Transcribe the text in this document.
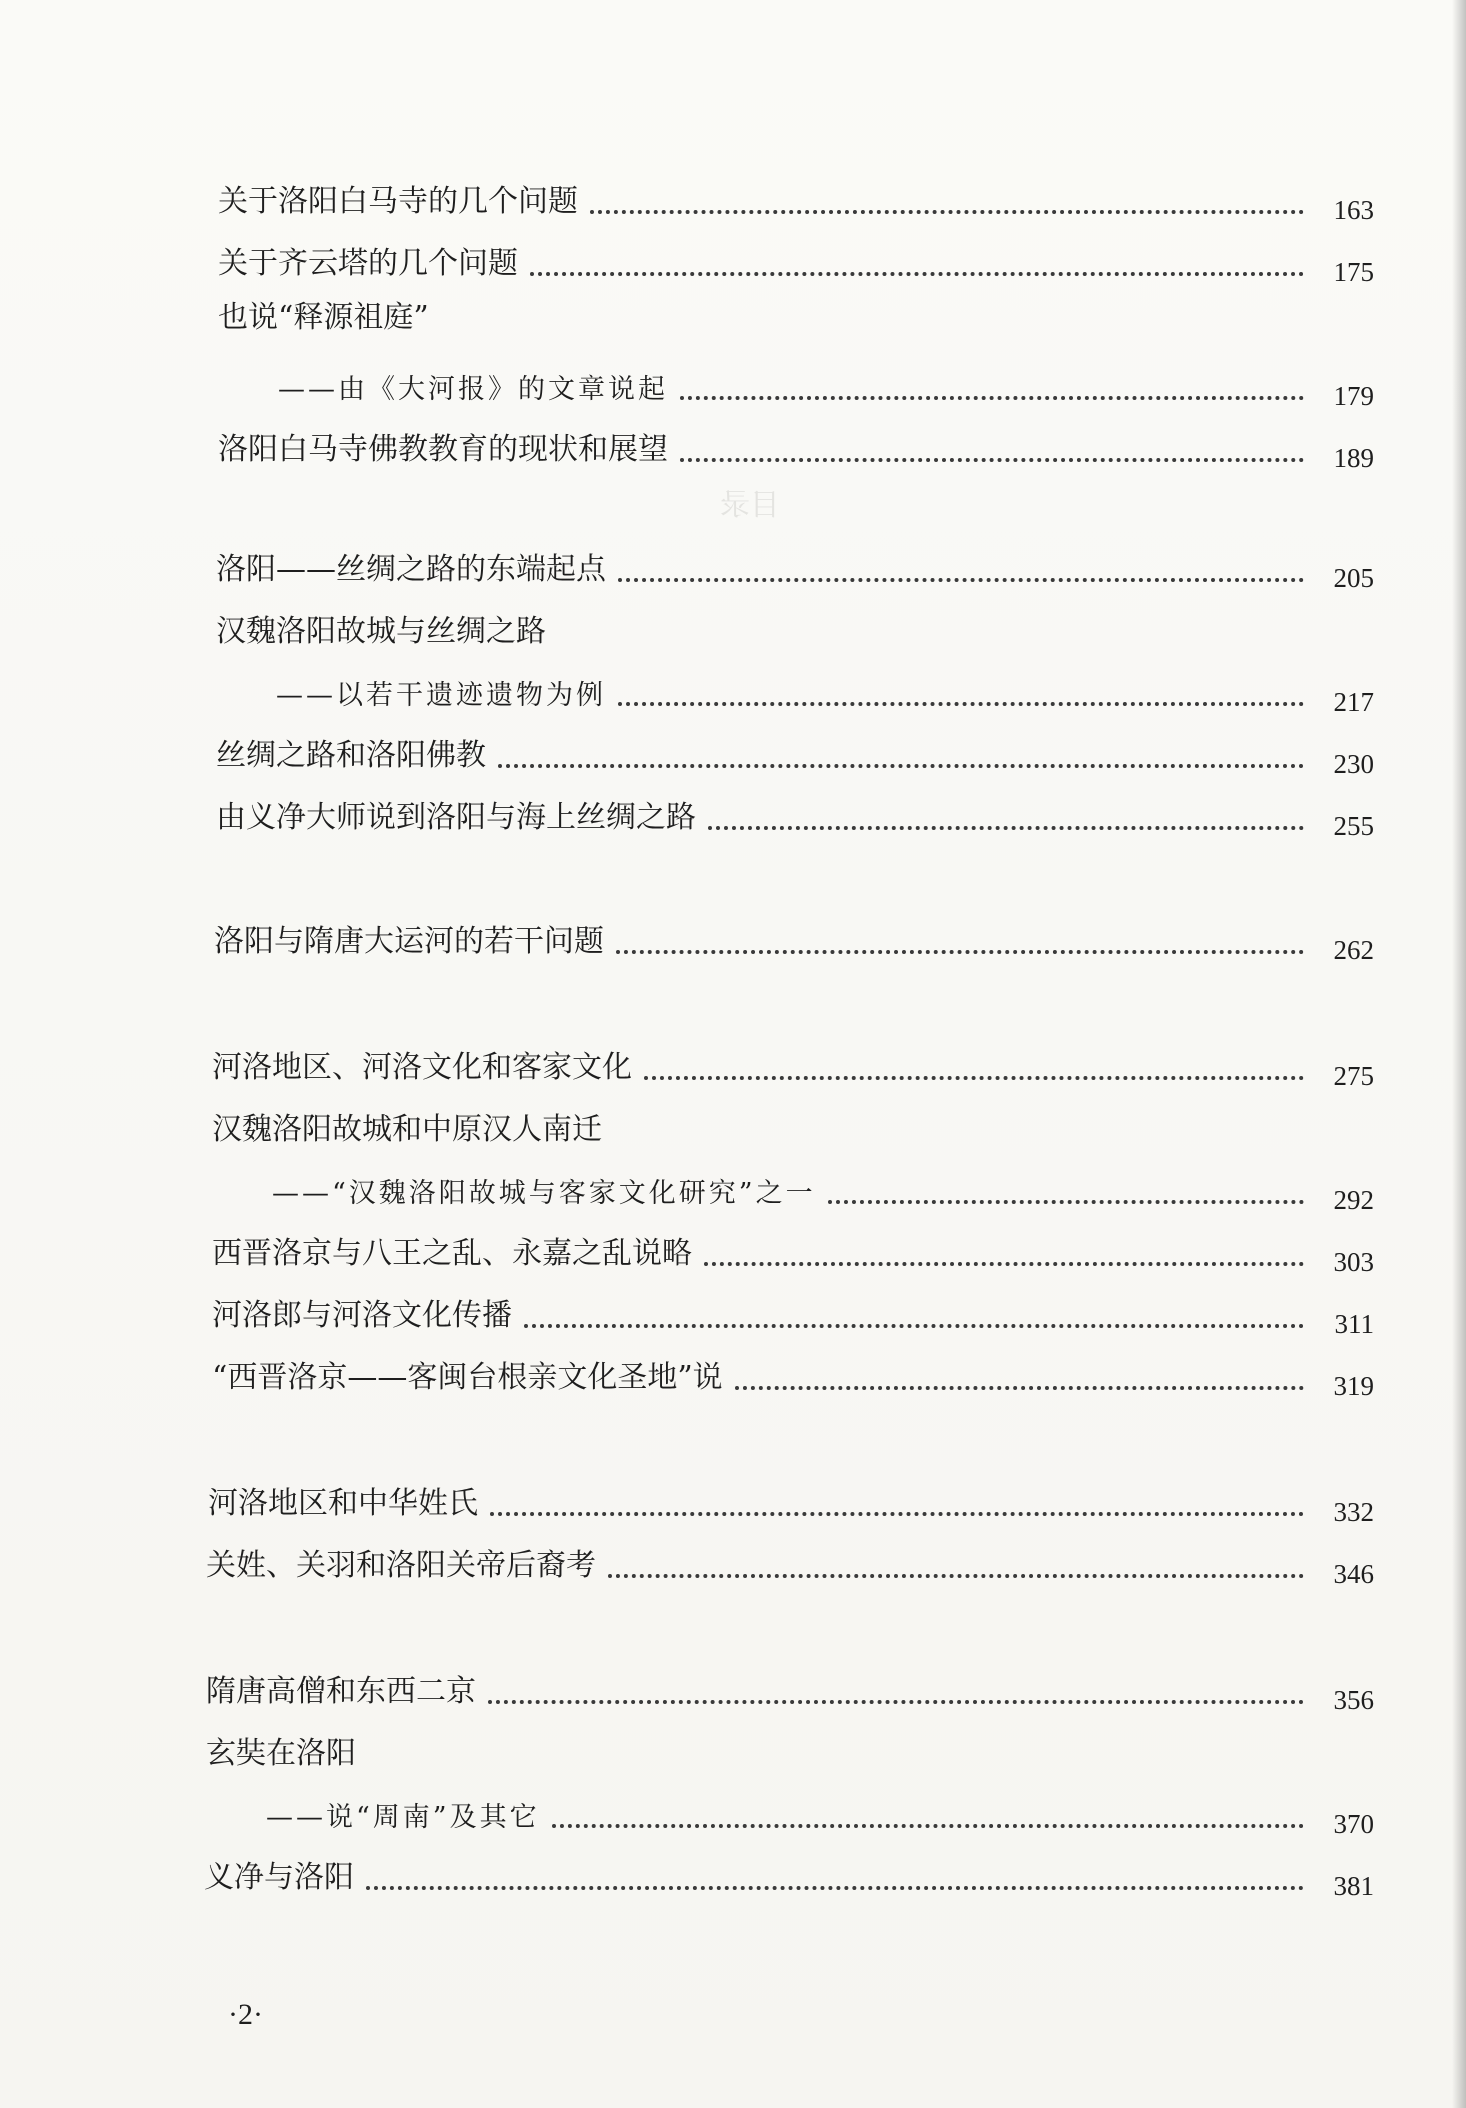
目录
关于洛阳白马寺的几个问题	163
关于齐云塔的几个问题	175
也说“释源祖庭”
——由《大河报》的文章说起	179
洛阳白马寺佛教教育的现状和展望	189
洛阳——丝绸之路的东端起点	205
汉魏洛阳故城与丝绸之路
——以若干遗迹遗物为例	217
丝绸之路和洛阳佛教	230
由义净大师说到洛阳与海上丝绸之路	255
洛阳与隋唐大运河的若干问题	262
河洛地区、河洛文化和客家文化	275
汉魏洛阳故城和中原汉人南迁
——“汉魏洛阳故城与客家文化研究”之一	292
西晋洛京与八王之乱、永嘉之乱说略	303
河洛郎与河洛文化传播	311
“西晋洛京——客闽台根亲文化圣地”说	319
河洛地区和中华姓氏	332
关姓、关羽和洛阳关帝后裔考	346
隋唐高僧和东西二京	356
玄奘在洛阳
——说“周南”及其它	370
义净与洛阳	381
·2·
